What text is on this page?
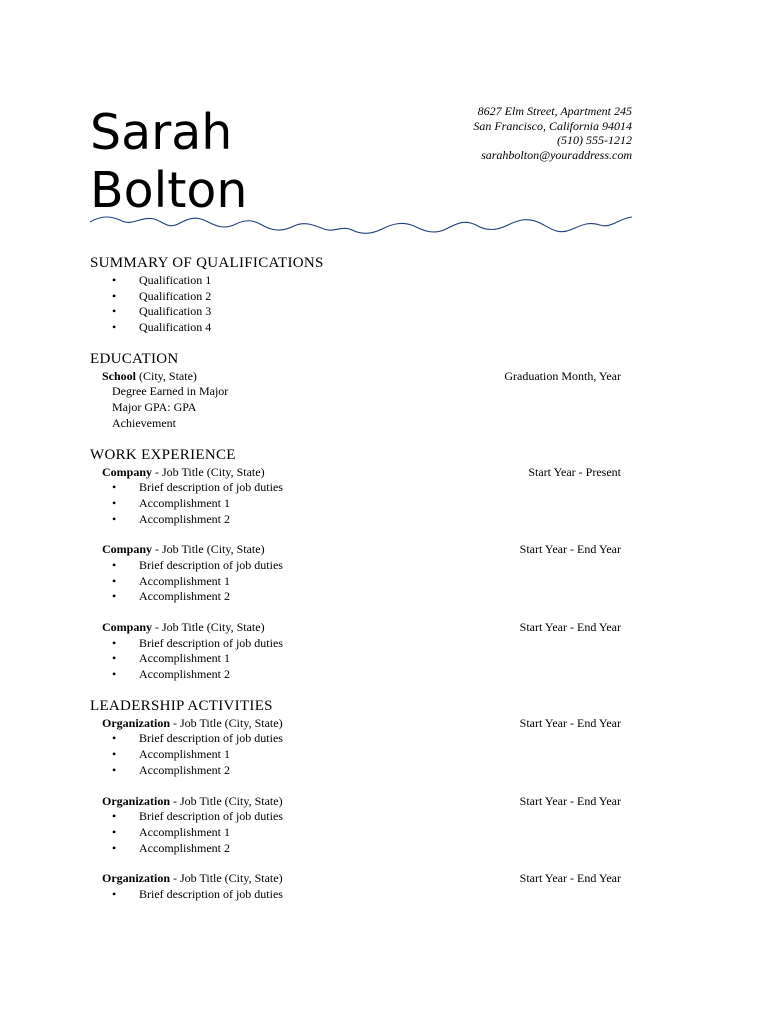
Sarah
Bolton
8627 Elm Street, Apartment 245
San Francisco, California 94014
(510) 555-1212
sarahbolton@youraddress.com
SUMMARY OF QUALIFICATIONS
• Qualification 1
• Qualification 2
• Qualification 3
• Qualification 4
EDUCATION
School (City, State)	Graduation Month, Year
Degree Earned in Major
Major GPA: GPA
Achievement
WORK EXPERIENCE
Company - Job Title (City, State)	Start Year - Present
• Brief description of job duties
• Accomplishment 1
• Accomplishment 2
Company - Job Title (City, State)	Start Year - End Year
• Brief description of job duties
• Accomplishment 1
• Accomplishment 2
Company - Job Title (City, State)	Start Year - End Year
• Brief description of job duties
• Accomplishment 1
• Accomplishment 2
LEADERSHIP ACTIVITIES
Organization - Job Title (City, State)	Start Year - End Year
• Brief description of job duties
• Accomplishment 1
• Accomplishment 2
Organization - Job Title (City, State)	Start Year - End Year
• Brief description of job duties
• Accomplishment 1
• Accomplishment 2
Organization - Job Title (City, State)	Start Year - End Year
• Brief description of job duties
